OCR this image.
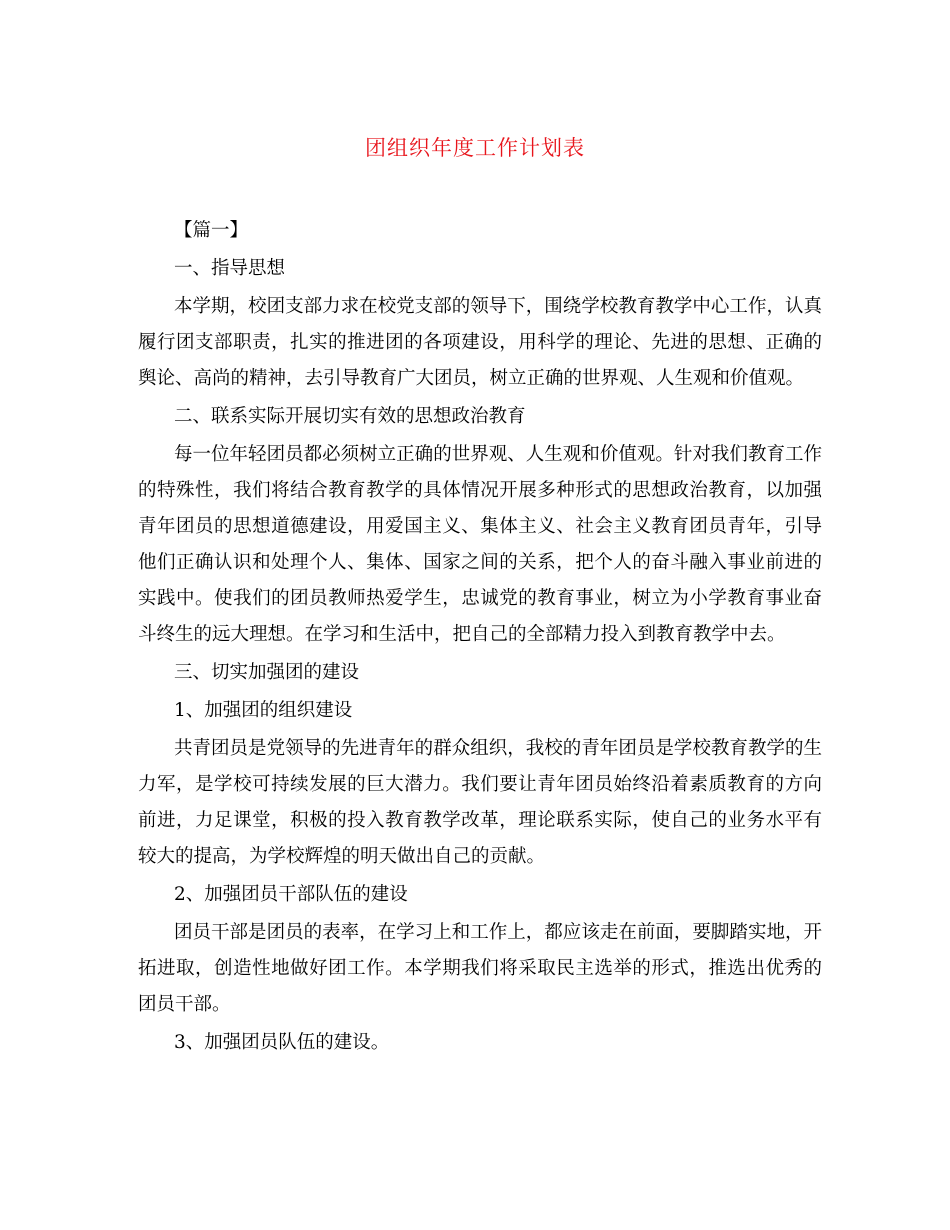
团组织年度工作计划表

【篇一】

一、指导思想

本学期，校团支部力求在校党支部的领导下，围绕学校教育教学中心工作，认真履行团支部职责，扎实的推进团的各项建设，用科学的理论、先进的思想、正确的舆论、高尚的精神，去引导教育广大团员，树立正确的世界观、人生观和价值观。

二、联系实际开展切实有效的思想政治教育

每一位年轻团员都必须树立正确的世界观、人生观和价值观。针对我们教育工作的特殊性，我们将结合教育教学的具体情况开展多种形式的思想政治教育，以加强青年团员的思想道德建设，用爱国主义、集体主义、社会主义教育团员青年，引导他们正确认识和处理个人、集体、国家之间的关系，把个人的奋斗融入事业前进的实践中。使我们的团员教师热爱学生，忠诚党的教育事业，树立为小学教育事业奋斗终生的远大理想。在学习和生活中，把自己的全部精力投入到教育教学中去。

三、切实加强团的建设

1、加强团的组织建设

共青团员是党领导的先进青年的群众组织，我校的青年团员是学校教育教学的生力军，是学校可持续发展的巨大潜力。我们要让青年团员始终沿着素质教育的方向前进，力足课堂，积极的投入教育教学改革，理论联系实际，使自己的业务水平有较大的提高，为学校辉煌的明天做出自己的贡献。

2、加强团员干部队伍的建设

团员干部是团员的表率，在学习上和工作上，都应该走在前面，要脚踏实地，开拓进取，创造性地做好团工作。本学期我们将采取民主选举的形式，推选出优秀的团员干部。

3、加强团员队伍的建设。
